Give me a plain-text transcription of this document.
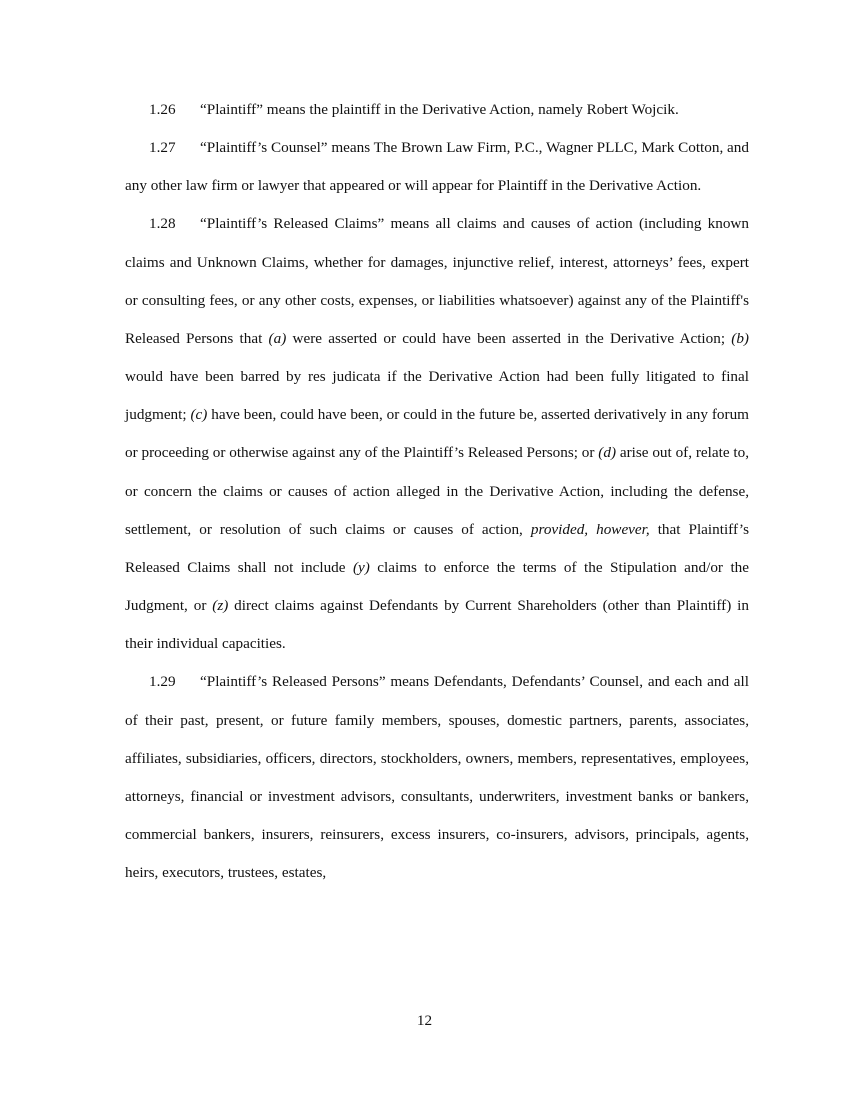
1.26 “Plaintiff” means the plaintiff in the Derivative Action, namely Robert Wojcik.

1.27 “Plaintiff’s Counsel” means The Brown Law Firm, P.C., Wagner PLLC, Mark Cotton, and any other law firm or lawyer that appeared or will appear for Plaintiff in the Derivative Action.

1.28 “Plaintiff’s Released Claims” means all claims and causes of action (including known claims and Unknown Claims, whether for damages, injunctive relief, interest, attorneys’ fees, expert or consulting fees, or any other costs, expenses, or liabilities whatsoever) against any of the Plaintiff's Released Persons that (a) were asserted or could have been asserted in the Derivative Action; (b) would have been barred by res judicata if the Derivative Action had been fully litigated to final judgment; (c) have been, could have been, or could in the future be, asserted derivatively in any forum or proceeding or otherwise against any of the Plaintiff’s Released Persons; or (d) arise out of, relate to, or concern the claims or causes of action alleged in the Derivative Action, including the defense, settlement, or resolution of such claims or causes of action, provided, however, that Plaintiff’s Released Claims shall not include (y) claims to enforce the terms of the Stipulation and/or the Judgment, or (z) direct claims against Defendants by Current Shareholders (other than Plaintiff) in their individual capacities.

1.29 “Plaintiff’s Released Persons” means Defendants, Defendants’ Counsel, and each and all of their past, present, or future family members, spouses, domestic partners, parents, associates, affiliates, subsidiaries, officers, directors, stockholders, owners, members, representatives, employees, attorneys, financial or investment advisors, consultants, underwriters, investment banks or bankers, commercial bankers, insurers, reinsurers, excess insurers, co-insurers, advisors, principals, agents, heirs, executors, trustees, estates,

12
